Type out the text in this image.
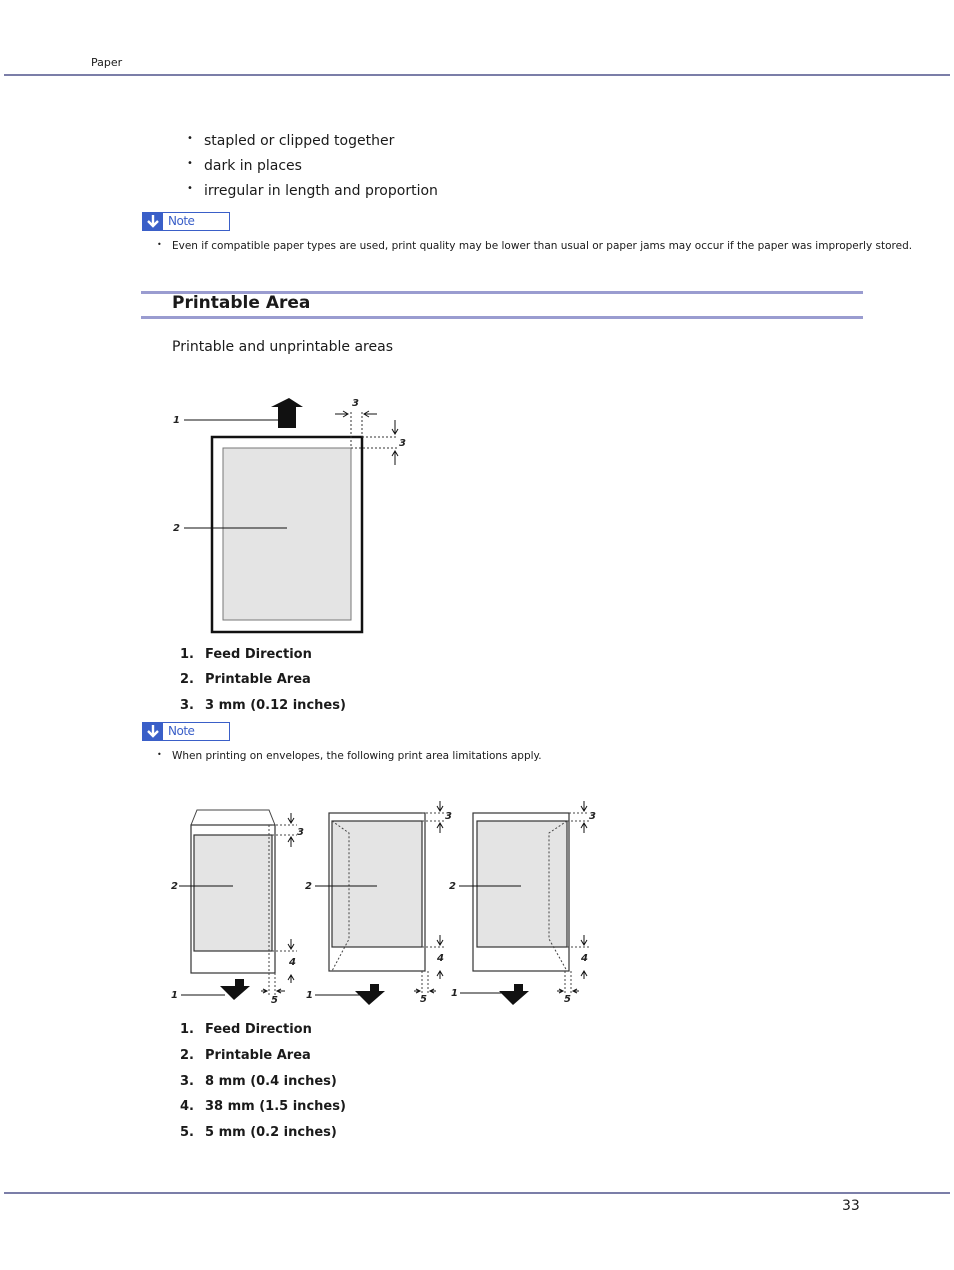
Paper
• stapled or clipped together
• dark in places
• irregular in length and proportion
Note
• Even if compatible paper types are used, print quality may be lower than usual or paper jams may occur if the paper was improperly stored.
Printable Area
Printable and unprintable areas
1
2
3
3
1. Feed Direction
2. Printable Area
3. 3 mm (0.12 inches)
Note
• When printing on envelopes, the following print area limitations apply.
3
4
5
2
1
3
4
5
2
1
3
4
5
2
1
1. Feed Direction
2. Printable Area
3. 8 mm (0.4 inches)
4. 38 mm (1.5 inches)
5. 5 mm (0.2 inches)
33
